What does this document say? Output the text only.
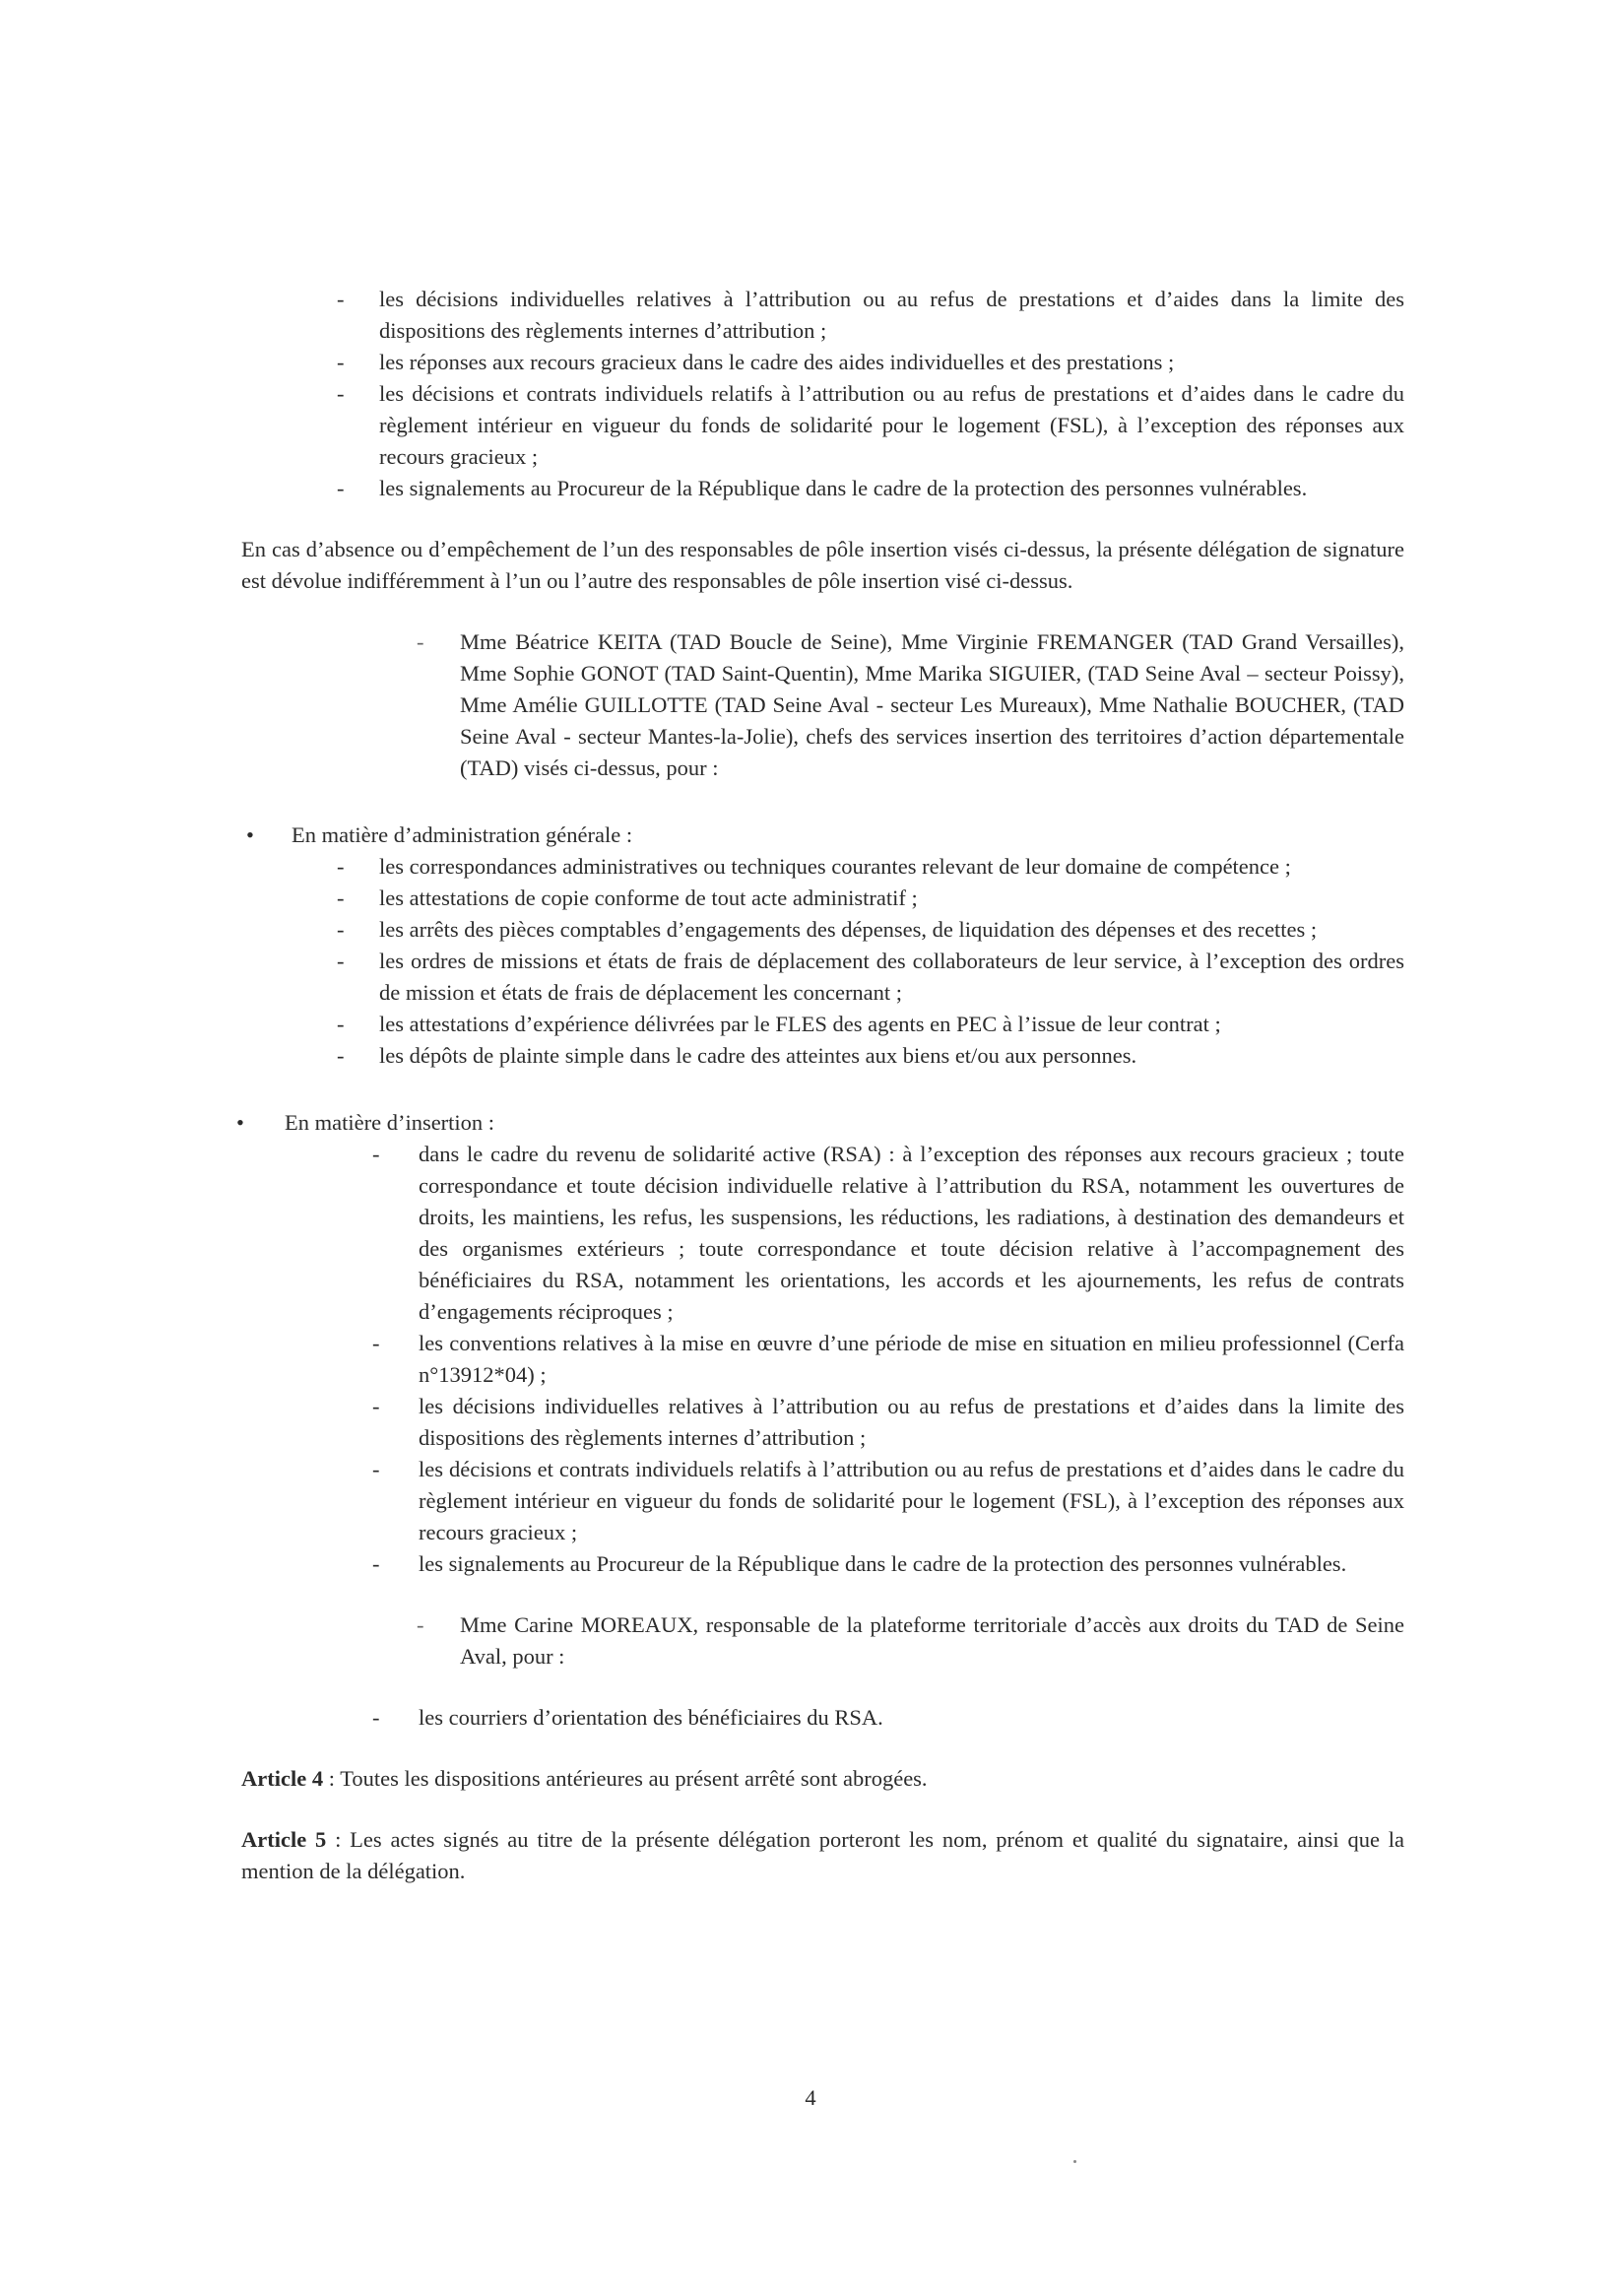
- les décisions individuelles relatives à l’attribution ou au refus de prestations et d’aides dans la limite des dispositions des règlements internes d’attribution ;
- les réponses aux recours gracieux dans le cadre des aides individuelles et des prestations ;
- les décisions et contrats individuels relatifs à l’attribution ou au refus de prestations et d’aides dans le cadre du règlement intérieur en vigueur du fonds de solidarité pour le logement (FSL), à l’exception des réponses aux recours gracieux ;
- les signalements au Procureur de la République dans le cadre de la protection des personnes vulnérables.
En cas d’absence ou d’empêchement de l’un des responsables de pôle insertion visés ci-dessus, la présente délégation de signature est dévolue indifféremment à l’un ou l’autre des responsables de pôle insertion visé ci-dessus.
- Mme Béatrice KEITA (TAD Boucle de Seine), Mme Virginie FREMANGER (TAD Grand Versailles), Mme Sophie GONOT (TAD Saint-Quentin), Mme Marika SIGUIER, (TAD Seine Aval – secteur Poissy), Mme Amélie GUILLOTTE (TAD Seine Aval - secteur Les Mureaux), Mme Nathalie BOUCHER, (TAD Seine Aval - secteur Mantes-la-Jolie), chefs des services insertion des territoires d’action départementale (TAD) visés ci-dessus, pour :
• En matière d’administration générale :
- les correspondances administratives ou techniques courantes relevant de leur domaine de compétence ;
- les attestations de copie conforme de tout acte administratif ;
- les arrêts des pièces comptables d’engagements des dépenses, de liquidation des dépenses et des recettes ;
- les ordres de missions et états de frais de déplacement des collaborateurs de leur service, à l’exception des ordres de mission et états de frais de déplacement les concernant ;
- les attestations d’expérience délivrées par le FLES des agents en PEC à l’issue de leur contrat ;
- les dépôts de plainte simple dans le cadre des atteintes aux biens et/ou aux personnes.
• En matière d’insertion :
- dans le cadre du revenu de solidarité active (RSA) : à l’exception des réponses aux recours gracieux ; toute correspondance et toute décision individuelle relative à l’attribution du RSA, notamment les ouvertures de droits, les maintiens, les refus, les suspensions, les réductions, les radiations, à destination des demandeurs et des organismes extérieurs ; toute correspondance et toute décision relative à l’accompagnement des bénéficiaires du RSA, notamment les orientations, les accords et les ajournements, les refus de contrats d’engagements réciproques ;
- les conventions relatives à la mise en œuvre d’une période de mise en situation en milieu professionnel (Cerfa n°13912*04) ;
- les décisions individuelles relatives à l’attribution ou au refus de prestations et d’aides dans la limite des dispositions des règlements internes d’attribution ;
- les décisions et contrats individuels relatifs à l’attribution ou au refus de prestations et d’aides dans le cadre du règlement intérieur en vigueur du fonds de solidarité pour le logement (FSL), à l’exception des réponses aux recours gracieux ;
- les signalements au Procureur de la République dans le cadre de la protection des personnes vulnérables.
- Mme Carine MOREAUX, responsable de la plateforme territoriale d’accès aux droits du TAD de Seine Aval, pour :
- les courriers d’orientation des bénéficiaires du RSA.
Article 4 : Toutes les dispositions antérieures au présent arrêté sont abrogées.
Article 5 : Les actes signés au titre de la présente délégation porteront les nom, prénom et qualité du signataire, ainsi que la mention de la délégation.
4
